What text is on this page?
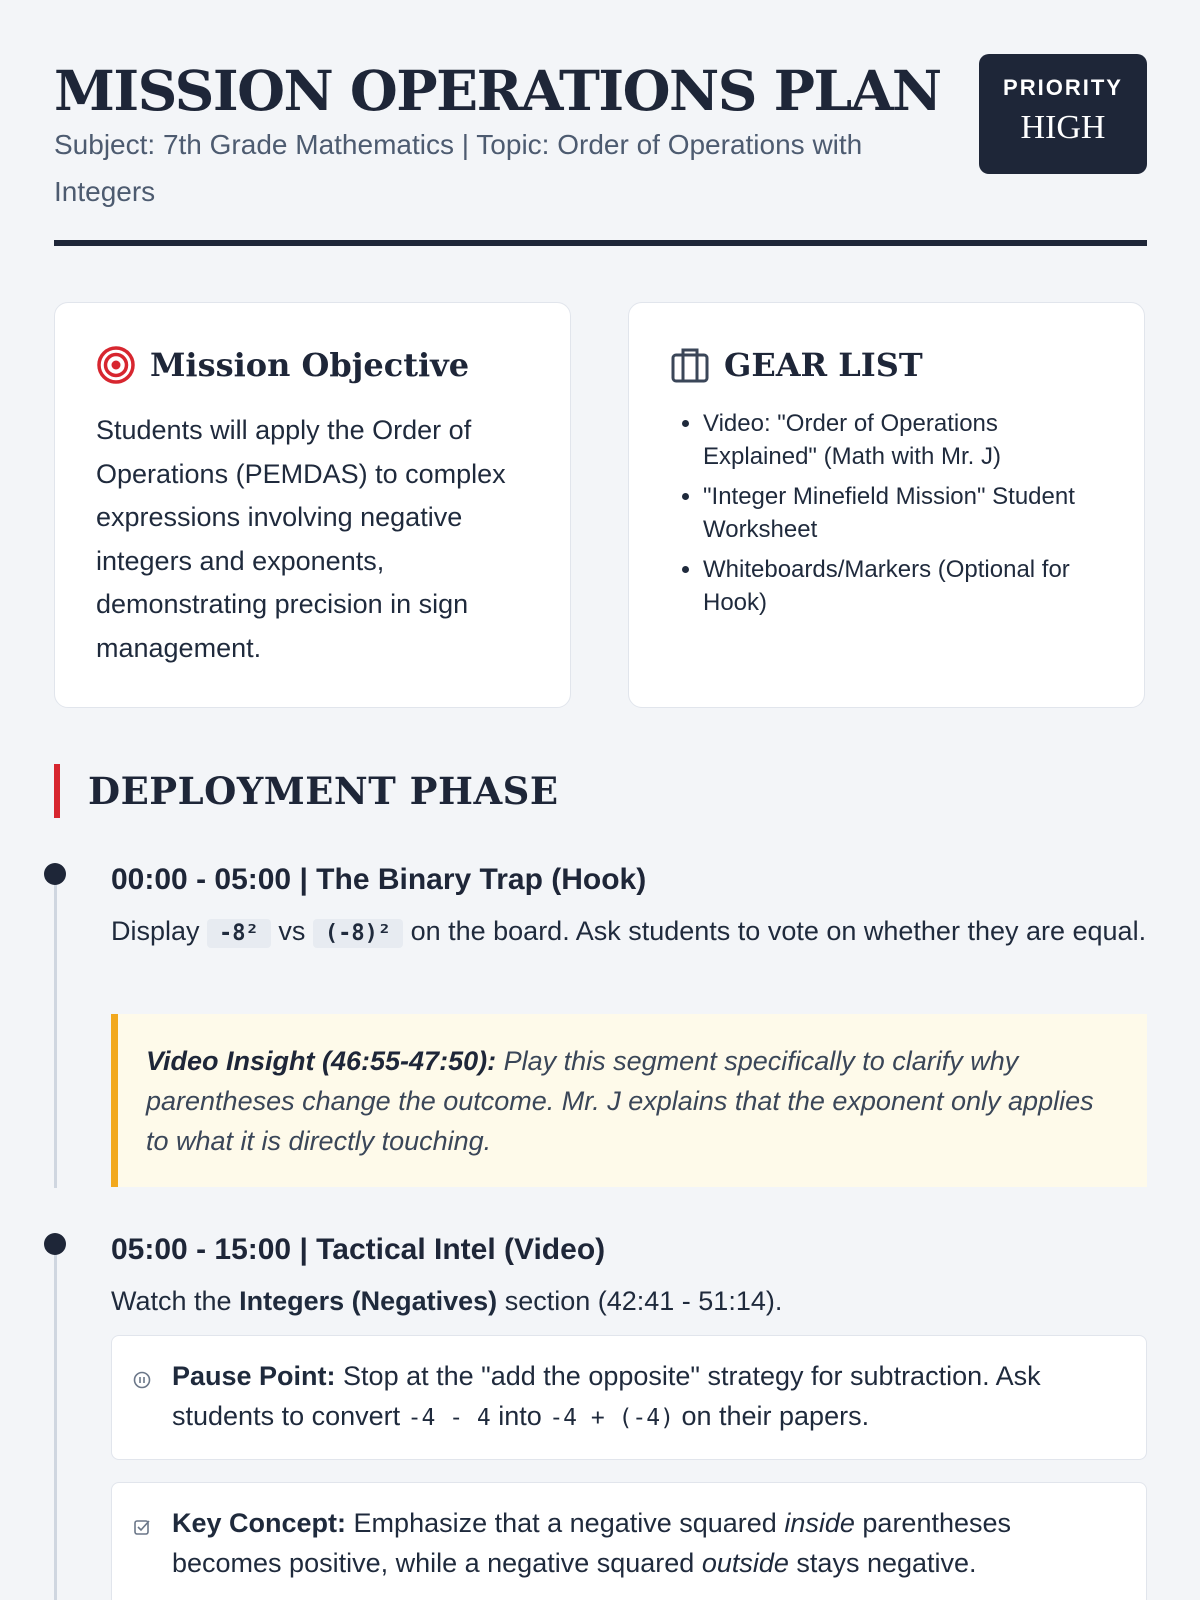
MISSION OPERATIONS PLAN
Subject: 7th Grade Mathematics | Topic: Order of Operations with Integers
PRIORITY
HIGH
Mission Objective
Students will apply the Order of Operations (PEMDAS) to complex expressions involving negative integers and exponents, demonstrating precision in sign management.
GEAR LIST
• Video: "Order of Operations Explained" (Math with Mr. J)
• "Integer Minefield Mission" Student Worksheet
• Whiteboards/Markers (Optional for Hook)
DEPLOYMENT PHASE
00:00 - 05:00 | The Binary Trap (Hook)
Display -8² vs (-8)² on the board. Ask students to vote on whether they are equal.
Video Insight (46:55-47:50): Play this segment specifically to clarify why parentheses change the outcome. Mr. J explains that the exponent only applies to what it is directly touching.
05:00 - 15:00 | Tactical Intel (Video)
Watch the Integers (Negatives) section (42:41 - 51:14).
Pause Point: Stop at the "add the opposite" strategy for subtraction. Ask students to convert -4 - 4 into -4 + (-4) on their papers.
Key Concept: Emphasize that a negative squared inside parentheses becomes positive, while a negative squared outside stays negative.
